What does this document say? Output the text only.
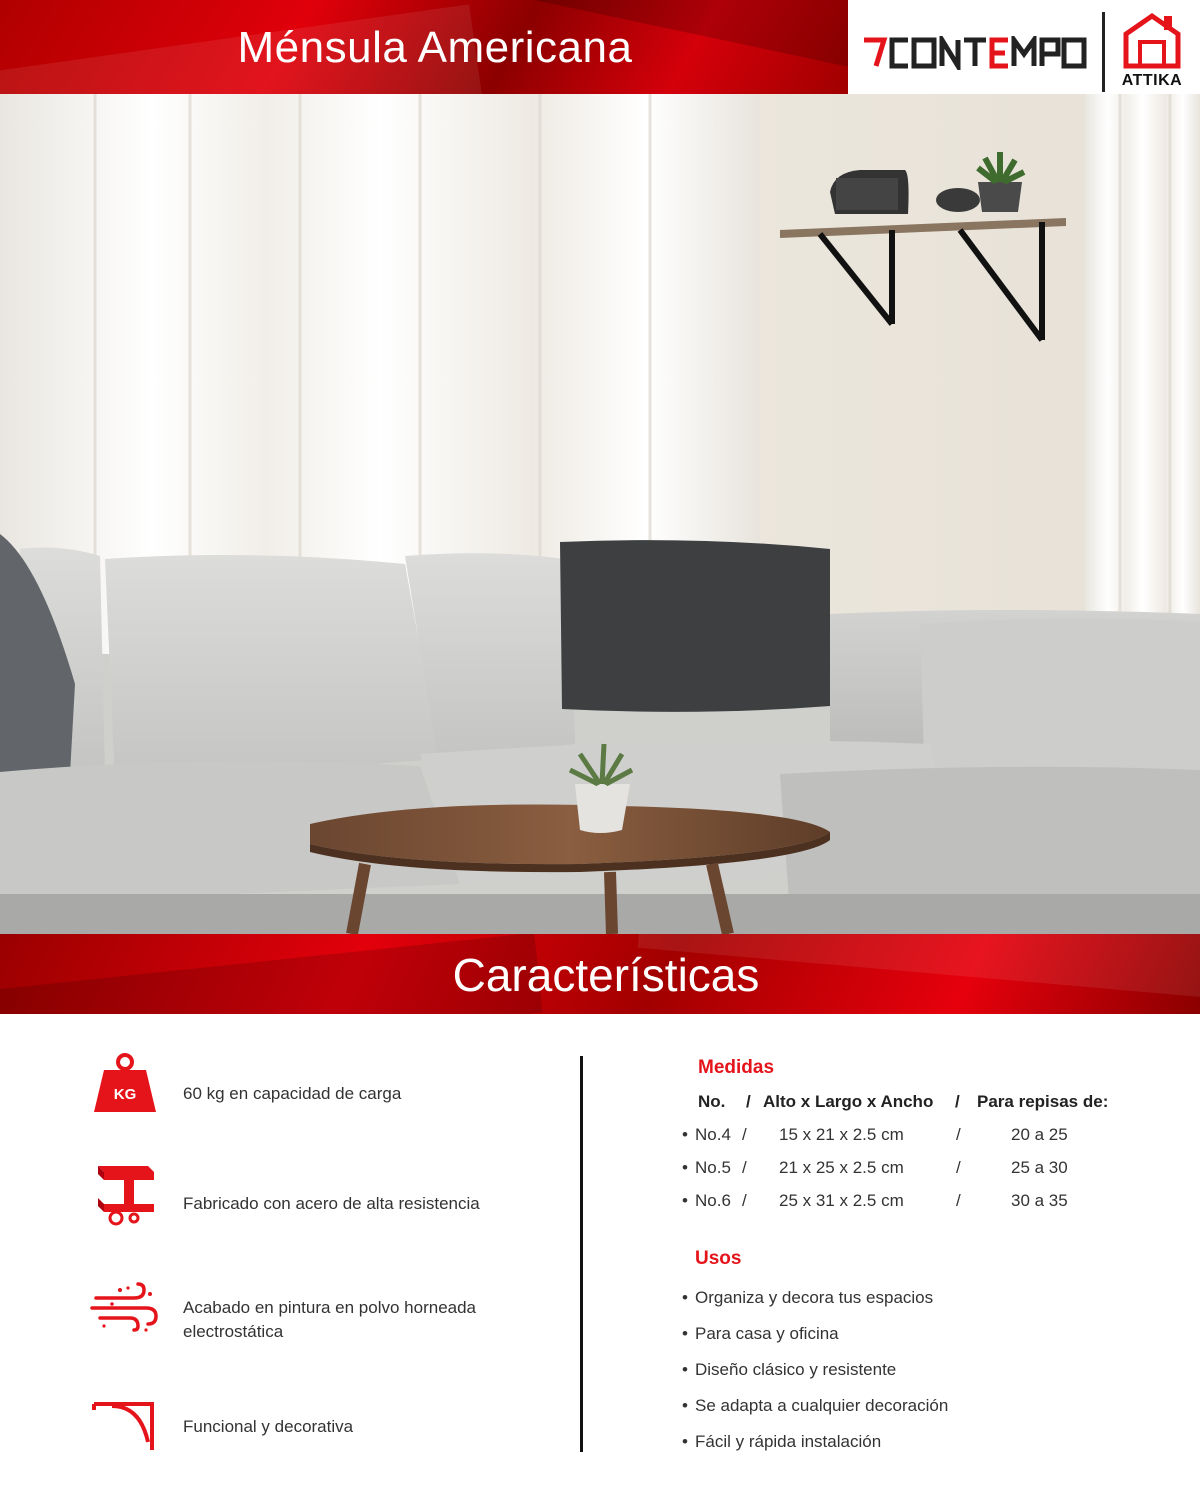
Ménsula Americana
ATTIKA
Características
KG	60 kg en capacidad de carga
Fabricado con acero de alta resistencia
Acabado en pintura en polvo horneada electrostática
Funcional y decorativa
Medidas
No. / Alto x Largo x Ancho / Para repisas de:
• No.4 / 15 x 21 x 2.5 cm	/	20 a 25
• No.5 / 21 x 25 x 2.5 cm	/	25 a 30
• No.6 / 25 x 31 x 2.5 cm	/	30 a 35
Usos
• Organiza y decora tus espacios
• Para casa y oficina
• Diseño clásico y resistente
• Se adapta a cualquier decoración
• Fácil y rápida instalación
